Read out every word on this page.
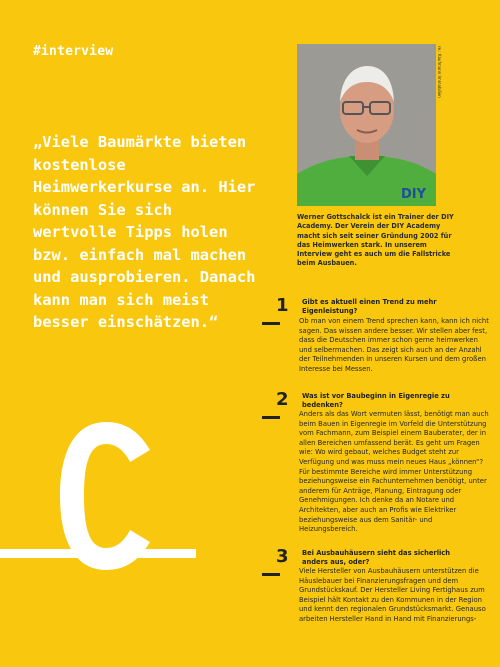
#interview

„Viele Baumärkte bieten kostenlose Heimwerkerkurse an. Hier können Sie sich wertvolle Tipps holen bzw. einfach mal machen und ausprobieren. Danach kann man sich meist besser einschätzen.“

DIY
re.: Kaufmann Immobilien

Werner Gottschalck ist ein Trainer der DIY Academy. Der Verein der DIY Academy macht sich seit seiner Gründung 2002 für das Heimwerken stark. In unserem Interview geht es auch um die Fallstricke beim Ausbauen.

1 Gibt es aktuell einen Trend zu mehr Eigenleistung?

Ob man von einem Trend sprechen kann, kann ich nicht sagen. Das wissen andere besser. Wir stellen aber fest, dass die Deutschen immer schon gerne heimwerken und selbermachen. Das zeigt sich auch an der Anzahl der Teilnehmenden in unseren Kursen und dem großen Interesse bei Messen.

2 Was ist vor Baubeginn in Eigenregie zu bedenken?

Anders als das Wort vermuten lässt, benötigt man auch beim Bauen in Eigenregie im Vorfeld die Unterstützung vom Fachmann, zum Beispiel einem Bauberater, der in allen Bereichen umfassend berät. Es geht um Fragen wie: Wo wird gebaut, welches Budget steht zur Verfügung und was muss mein neues Haus „können“? Für bestimmte Bereiche wird immer Unterstützung beziehungsweise ein Fachunternehmen benötigt, unter anderem für Anträge, Planung, Eintragung oder Genehmigungen. Ich denke da an Notare und Architekten, aber auch an Profis wie Elektriker beziehungsweise aus dem Sanitär- und Heizungsbereich.

3 Bei Ausbauhäusern sieht das sicherlich anders aus, oder?

Viele Hersteller von Ausbauhäusern unterstützen die Häuslebauer bei Finanzierungsfragen und dem Grundstückskauf. Der Hersteller Living Fertighaus zum Beispiel hält Kontakt zu den Kommunen in der Region und kennt den regionalen Grundstücksmarkt. Genauso arbeiten Hersteller Hand in Hand mit Finanzierungs-
